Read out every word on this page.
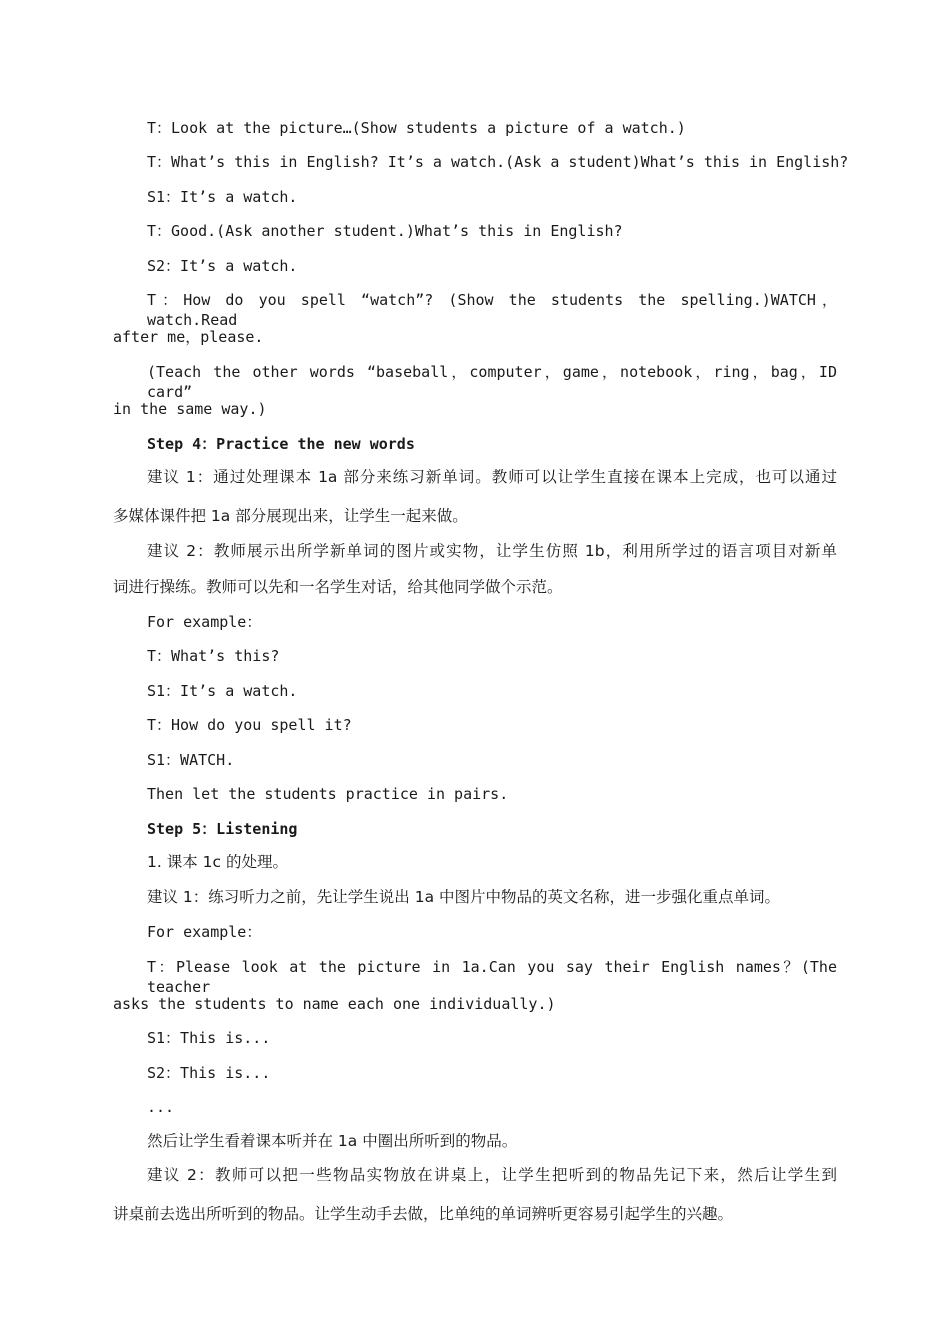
T：Look at the picture…(Show students a picture of a watch.)
T：What’s this in English? It’s a watch.(Ask a student)What’s this in English?
S1：It’s a watch.
T：Good.(Ask another student.)What’s this in English?
S2：It’s a watch.
T：How do you spell “watch”? (Show the students the spelling.)WATCH，watch.Read
after me，please.
(Teach the other words “baseball，computer，game，notebook，ring，bag，ID card”
in the same way.)
Step 4：Practice the new words
建议 1：通过处理课本 1a 部分来练习新单词。教师可以让学生直接在课本上完成，也可以通过
多媒体课件把 1a 部分展现出来，让学生一起来做。
建议 2：教师展示出所学新单词的图片或实物，让学生仿照 1b，利用所学过的语言项目对新单
词进行操练。教师可以先和一名学生对话，给其他同学做个示范。
For example：
T：What’s this?
S1：It’s a watch.
T：How do you spell it?
S1：WATCH.
Then let the students practice in pairs.
Step 5：Listening
1. 课本 1c 的处理。
建议 1：练习听力之前，先让学生说出 1a 中图片中物品的英文名称，进一步强化重点单词。
For example：
T：Please look at the picture in 1a.Can you say their English names？(The teacher
asks the students to name each one individually.)
S1：This is...
S2：This is...
...
然后让学生看着课本听并在 1a 中圈出所听到的物品。
建议 2：教师可以把一些物品实物放在讲桌上，让学生把听到的物品先记下来，然后让学生到
讲桌前去选出所听到的物品。让学生动手去做，比单纯的单词辨听更容易引起学生的兴趣。
